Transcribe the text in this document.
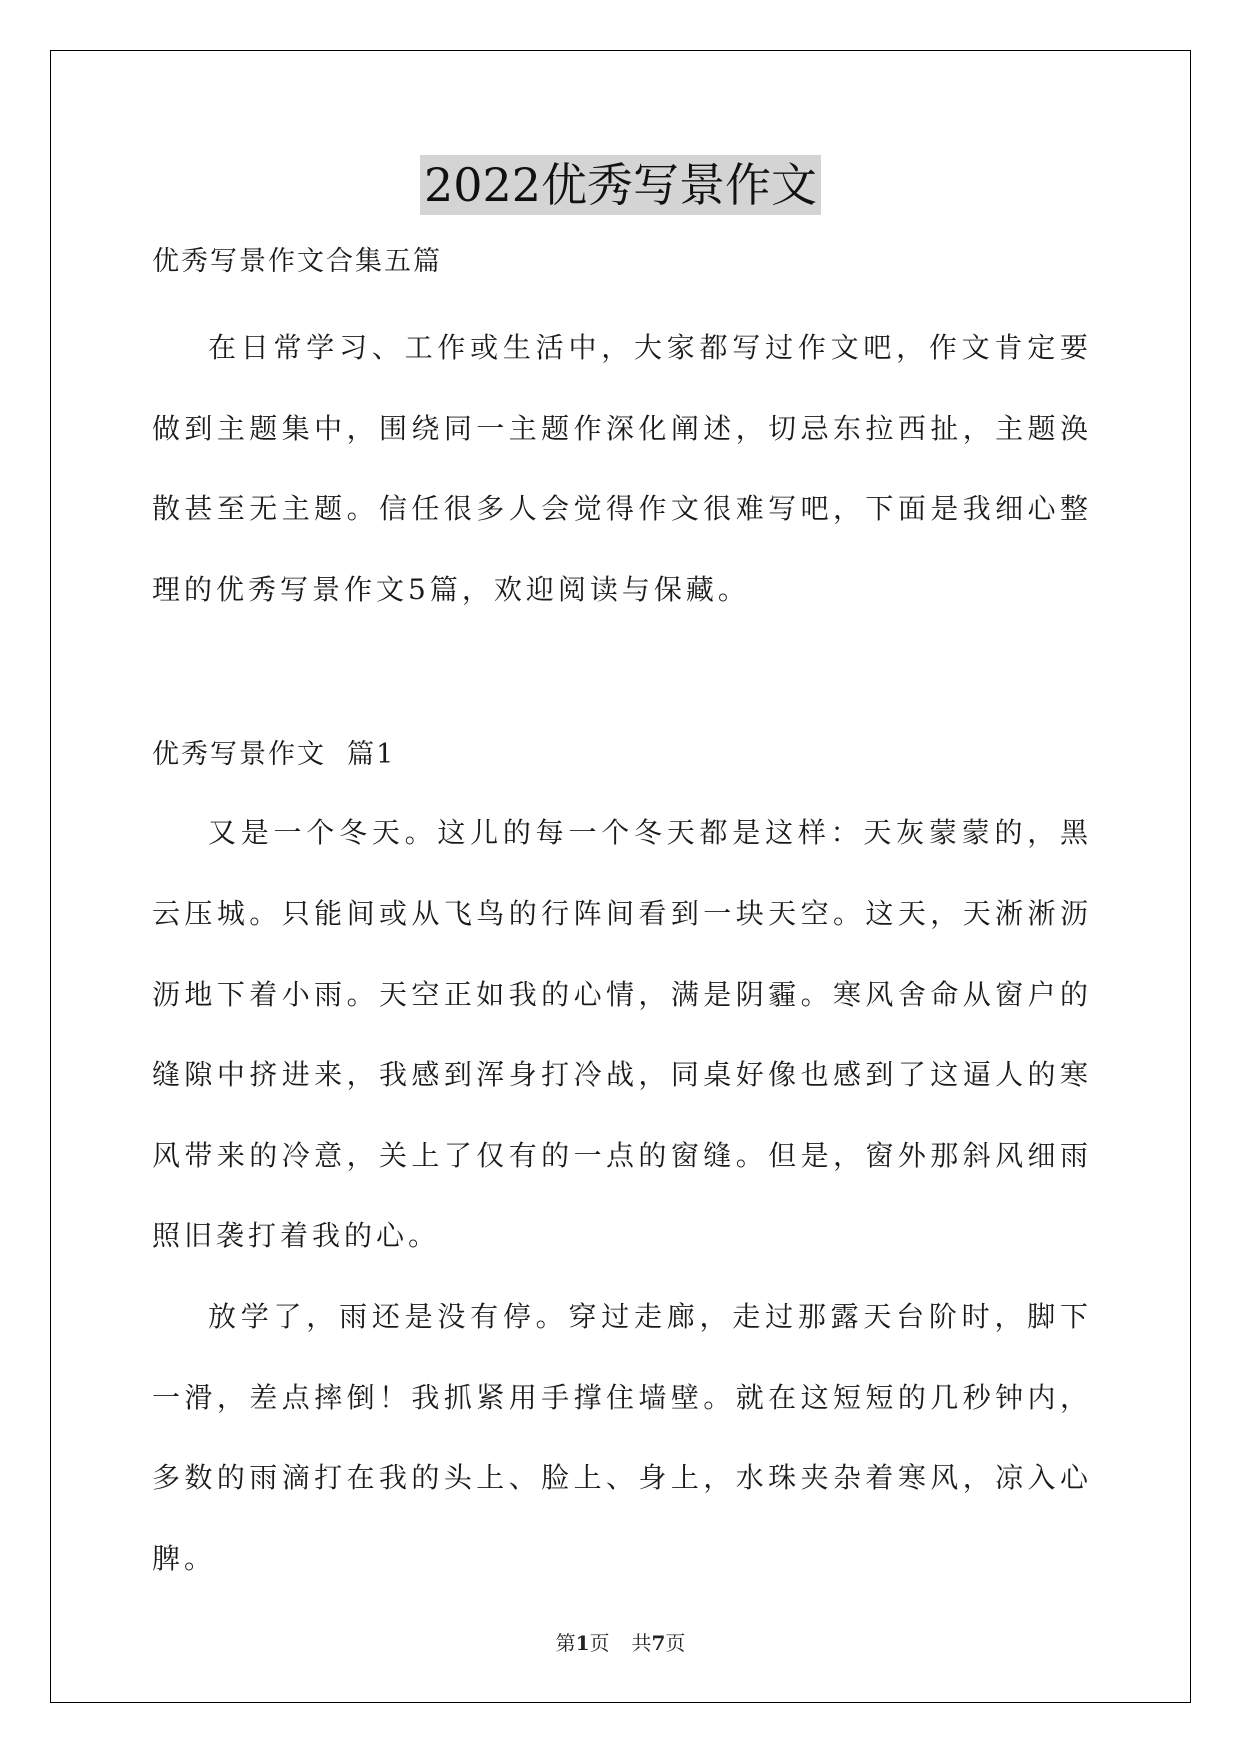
2022优秀写景作文

优秀写景作文合集五篇

在日常学习、工作或生活中，大家都写过作文吧，作文肯定要做到主题集中，围绕同一主题作深化阐述，切忌东拉西扯，主题涣散甚至无主题。信任很多人会觉得作文很难写吧，下面是我细心整理的优秀写景作文5篇，欢迎阅读与保藏。

优秀写景作文  篇1

又是一个冬天。这儿的每一个冬天都是这样：天灰蒙蒙的，黑云压城。只能间或从飞鸟的行阵间看到一块天空。这天，天淅淅沥沥地下着小雨。天空正如我的心情，满是阴霾。寒风舍命从窗户的缝隙中挤进来，我感到浑身打冷战，同桌好像也感到了这逼人的寒风带来的冷意，关上了仅有的一点的窗缝。但是，窗外那斜风细雨照旧袭打着我的心。

放学了，雨还是没有停。穿过走廊，走过那露天台阶时，脚下一滑，差点摔倒！我抓紧用手撑住墙壁。就在这短短的几秒钟内，多数的雨滴打在我的头上、脸上、身上，水珠夹杂着寒风，凉入心脾。

第1页 共7页
